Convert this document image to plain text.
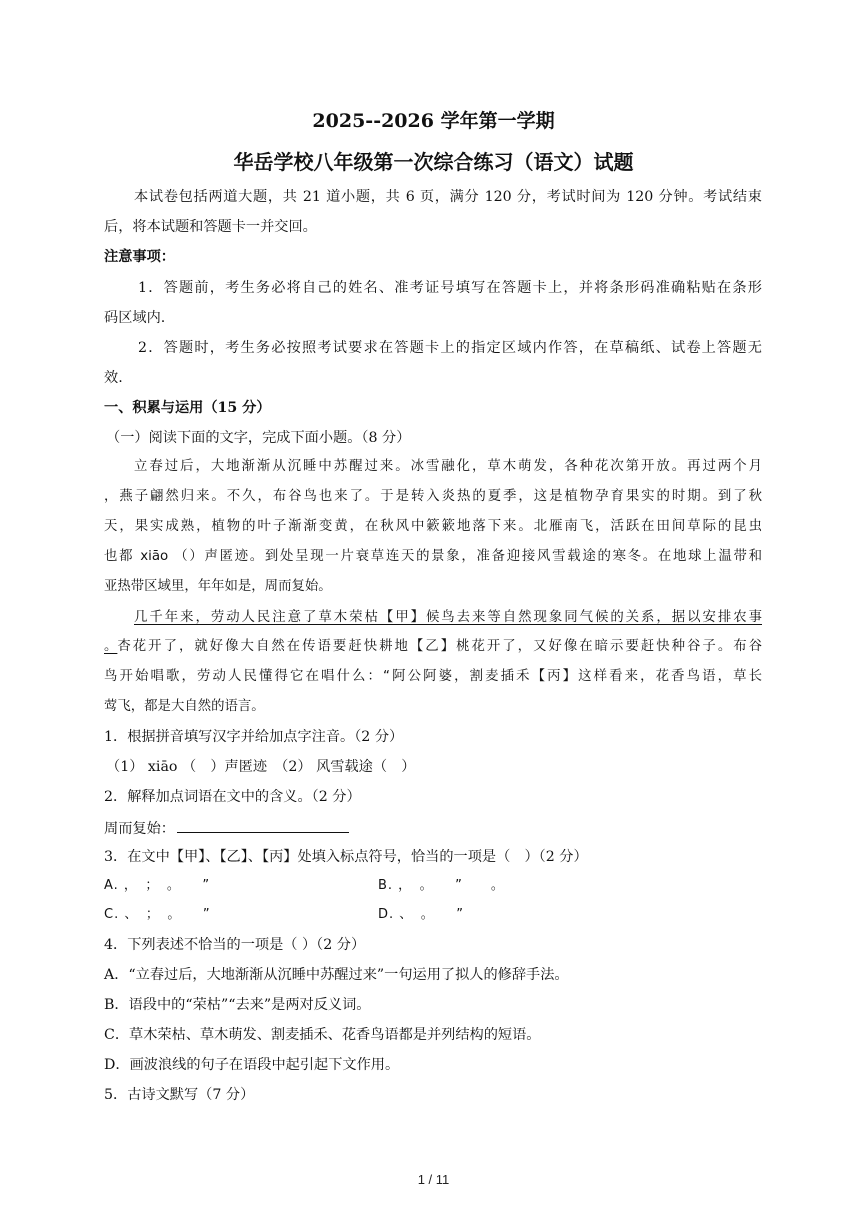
2025--2026 学年第一学期
华岳学校八年级第一次综合练习（语文）试题
本试卷包括两道大题，共 21 道小题，共 6 页，满分 120 分，考试时间为 120 分钟。考试结束
后，将本试题和答题卡一并交回。
注意事项：
1．答题前，考生务必将自己的姓名、准考证号填写在答题卡上，并将条形码准确粘贴在条形
码区域内.
2．答题时，考生务必按照考试要求在答题卡上的指定区域内作答，在草稿纸、试卷上答题无
效.
一、积累与运用（15 分）
（一）阅读下面的文字，完成下面小题。（8 分）
立春过后，大地渐渐从沉睡中苏醒过来。冰雪融化，草木萌发，各种花次第开放。再过两个月
，燕子翩然归来。不久，布谷鸟也来了。于是转入炎热的夏季，这是植物孕育果实的时期。到了秋
天，果实成熟，植物的叶子渐渐变黄，在秋风中簌簌地落下来。北雁南飞，活跃在田间草际的昆虫
也都 xiāo （）声匿迹。到处呈现一片衰草连天的景象，准备迎接风雪载途的寒冬。在地球上温带和
亚热带区域里，年年如是，周而复始。
几千年来，劳动人民注意了草木荣枯【甲】候鸟去来等自然现象同气候的关系，据以安排农事
。 杏花开了，就好像大自然在传语要赶快耕地【乙】桃花开了，又好像在暗示要赶快种谷子。布谷
鸟开始唱歌，劳动人民懂得它在唱什么：“阿公阿婆，割麦插禾【丙】这样看来，花香鸟语，草长
莺飞，都是大自然的语言。
1．根据拼音填写汉字并给加点字注音。（2 分）
（1） xiāo （　）声匿迹　（2） 风雪载途（　）
2．解释加点词语在文中的含义。（2 分）
周而复始：
3．在文中【甲】、【乙】、【丙】处填入标点符号，恰当的一项是（　）（2 分）
A. ，　；　。　　”	B. ，　。　　”　　。
C. 、　；　。　　”	D. 、　。　　”
4．下列表述不恰当的一项是（ ）（2 分）
A．“立春过后，大地渐渐从沉睡中苏醒过来”一句运用了拟人的修辞手法。
B．语段中的“荣枯”“去来”是两对反义词。
C．草木荣枯、草木萌发、割麦插禾、花香鸟语都是并列结构的短语。
D．画波浪线的句子在语段中起引起下文作用。
5．古诗文默写（7 分）
1 / 11
